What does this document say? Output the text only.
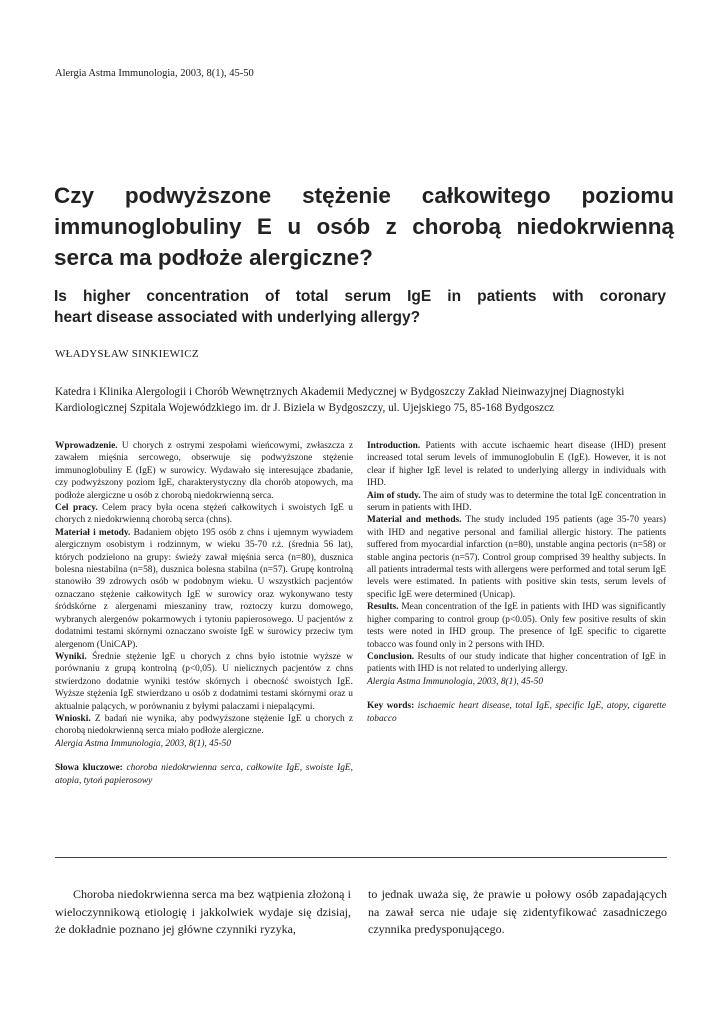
Alergia Astma Immunologia, 2003, 8(1), 45-50
Czy podwyższone stężenie całkowitego poziomu
immunoglobuliny E u osób z chorobą niedokrwienną
serca ma podłoże alergiczne?
Is higher concentration of total serum IgE in patients with coronary
heart disease associated with underlying allergy?
WŁADYSŁAW SINKIEWICZ
Katedra i Klinika Alergologii i Chorób Wewnętrznych Akademii Medycznej w Bydgoszczy Zakład Nieinwazyjnej Diagnostyki Kardiologicznej Szpitala Wojewódzkiego im. dr J. Biziela w Bydgoszczy, ul. Ujejskiego 75, 85-168 Bydgoszcz

Wprowadzenie. U chorych z ostrymi zespołami wieńcowymi, zwłaszcza z zawałem mięśnia sercowego, obserwuje się podwyższone stężenie immunoglobuliny E (IgE) w surowicy. Wydawało się interesujące zbadanie, czy podwyższony poziom IgE, charakterystyczny dla chorób atopowych, ma podłoże alergiczne u osób z chorobą niedokrwienną serca.

Cel pracy. Celem pracy była ocena stężeń całkowitych i swoistych IgE u chorych z niedokrwienną chorobą serca (chns).

Materiał i metody. Badaniem objęto 195 osób z chns i ujemnym wywiadem alergicznym osobistym i rodzinnym, w wieku 35-70 r.ż. (średnia 56 lat), których podzielono na grupy: świeży zawał mięśnia serca (n=80), dusznica bolesna niestabilna (n=58), dusznica bolesna stabilna (n=57). Grupę kontrolną stanowiło 39 zdrowych osób w podobnym wieku. U wszystkich pacjentów oznaczano stężenie całkowitych IgE w surowicy oraz wykonywano testy śródskórne z alergenami mieszaniny traw, roztoczy kurzu domowego, wybranych alergenów pokarmowych i tytoniu papierosowego. U pacjentów z dodatnimi testami skórnymi oznaczano swoiste IgE w surowicy przeciw tym alergenom (UniCAP).

Wyniki. Średnie stężenie IgE u chorych z chns było istotnie wyższe w porównaniu z grupą kontrolną (p<0,05). U nielicznych pacjentów z chns stwierdzono dodatnie wyniki testów skórnych i obecność swoistych IgE. Wyższe stężenia IgE stwierdzano u osób z dodatnimi testami skórnymi oraz u aktualnie palących, w porównaniu z byłymi palaczami i niepalącymi.

Wnioski. Z badań nie wynika, aby podwyższone stężenie IgE u chorych z chorobą niedokrwienną serca miało podłoże alergiczne.

Alergia Astma Immunologia, 2003, 8(1), 45-50

Słowa kluczowe: choroba niedokrwienna serca, całkowite IgE, swoiste IgE, atopia, tytoń papierosowy

Introduction. Patients with accute ischaemic heart disease (IHD) present increased total serum levels of immunoglobulin E (IgE). However, it is not clear if higher IgE level is related to underlying allergy in individuals with IHD.

Aim of study. The aim of study was to determine the total IgE concentration in serum in patients with IHD.

Material and methods. The study included 195 patients (age 35-70 years) with IHD and negative personal and familial allergic history. The patients suffered from myocardial infarction (n=80), unstable angina pectoris (n=58) or stable angina pectoris (n=57). Control group comprised 39 healthy subjects. In all patients intradermal tests with allergens were performed and total serum IgE levels were estimated. In patients with positive skin tests, serum levels of specific IgE were determined (Unicap).

Results. Mean concentration of the IgE in patients with IHD was significantly higher comparing to control group (p<0.05). Only few positive results of skin tests were noted in IHD group. The presence of IgE specific to cigarette tobacco was found only in 2 persons with IHD.

Conclusion. Results of our study indicate that higher concentration of IgE in patients with IHD is not related to underlying allergy.

Alergia Astma Immunologia, 2003, 8(1), 45-50

Key words: ischaemic heart disease, total IgE, specific IgE, atopy, cigarette tobacco

Choroba niedokrwienna serca ma bez wątpienia złożoną i wieloczynnikową etiologię i jakkolwiek wydaje się dzisiaj, że dokładnie poznano jej główne czynniki ryzyka,

to jednak uważa się, że prawie u połowy osób zapadających na zawał serca nie udaje się zidentyfikować zasadniczego czynnika predysponującego.
